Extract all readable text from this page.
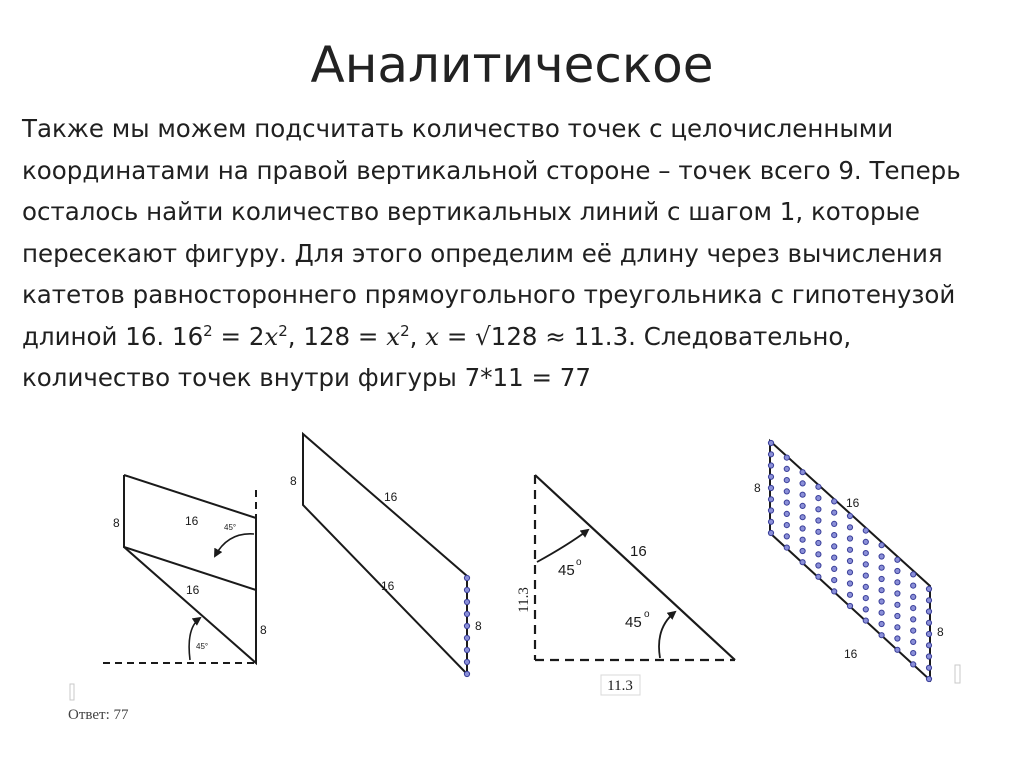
Аналитическое

Также мы можем подсчитать количество точек с целочисленными координатами на правой вертикальной стороне – точек всего 9. Теперь осталось найти количество вертикальных линий с шагом 1, которые пересекают фигуру. Для этого определим её длину через вычисления катетов равностороннего прямоугольного треугольника с гипотенузой длиной 16. $16^2$ = 2𝑥$^2$, 128 = 𝑥$^2$, 𝑥 = √128 ≈ 11.3. Следовательно, количество точек внутри фигуры 7*11 = 77

8	16
16
8
45°
45°
8
16
16
8
16
45 o
45 o
11.3
11.3
8
16
16
8
Ответ: 77
